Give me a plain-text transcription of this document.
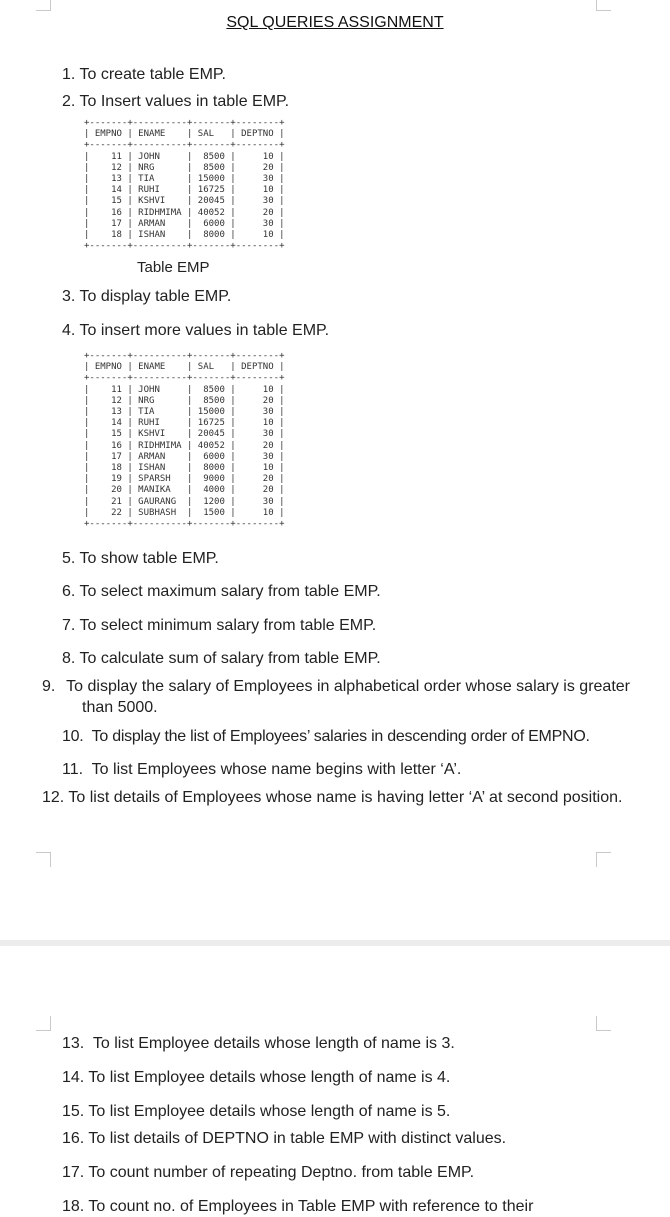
SQL QUERIES ASSIGNMENT
1. To create table EMP.
2. To Insert values in table EMP.
+-------+----------+-------+--------+
| EMPNO | ENAME    | SAL   | DEPTNO |
+-------+----------+-------+--------+
|    11 | JOHN     |  8500 |     10 |
|    12 | NRG      |  8500 |     20 |
|    13 | TIA      | 15000 |     30 |
|    14 | RUHI     | 16725 |     10 |
|    15 | KSHVI    | 20045 |     30 |
|    16 | RIDHMIMA | 40052 |     20 |
|    17 | ARMAN    |  6000 |     30 |
|    18 | ISHAN    |  8000 |     10 |
+-------+----------+-------+--------+
Table EMP
3. To display table EMP.
4. To insert more values in table EMP.
+-------+----------+-------+--------+
| EMPNO | ENAME    | SAL   | DEPTNO |
+-------+----------+-------+--------+
|    11 | JOHN     |  8500 |     10 |
|    12 | NRG      |  8500 |     20 |
|    13 | TIA      | 15000 |     30 |
|    14 | RUHI     | 16725 |     10 |
|    15 | KSHVI    | 20045 |     30 |
|    16 | RIDHMIMA | 40052 |     20 |
|    17 | ARMAN    |  6000 |     30 |
|    18 | ISHAN    |  8000 |     10 |
|    19 | SPARSH   |  9000 |     20 |
|    20 | MANIKA   |  4000 |     20 |
|    21 | GAURANG  |  1200 |     30 |
|    22 | SUBHASH  |  1500 |     10 |
+-------+----------+-------+--------+
5. To show table EMP.
6. To select maximum salary from table EMP.
7. To select minimum salary from table EMP.
8. To calculate sum of salary from table EMP.
9. To display the salary of Employees in alphabetical order whose salary is greater than 5000.
10. To display the list of Employees’ salaries in descending order of EMPNO.
11. To list Employees whose name begins with letter ‘A’.
12. To list details of Employees whose name is having letter ‘A’ at second position.
13. To list Employee details whose length of name is 3.
14. To list Employee details whose length of name is 4.
15. To list Employee details whose length of name is 5.
16. To list details of DEPTNO in table EMP with distinct values.
17. To count number of repeating Deptno. from table EMP.
18. To count no. of Employees in Table EMP with reference to their
